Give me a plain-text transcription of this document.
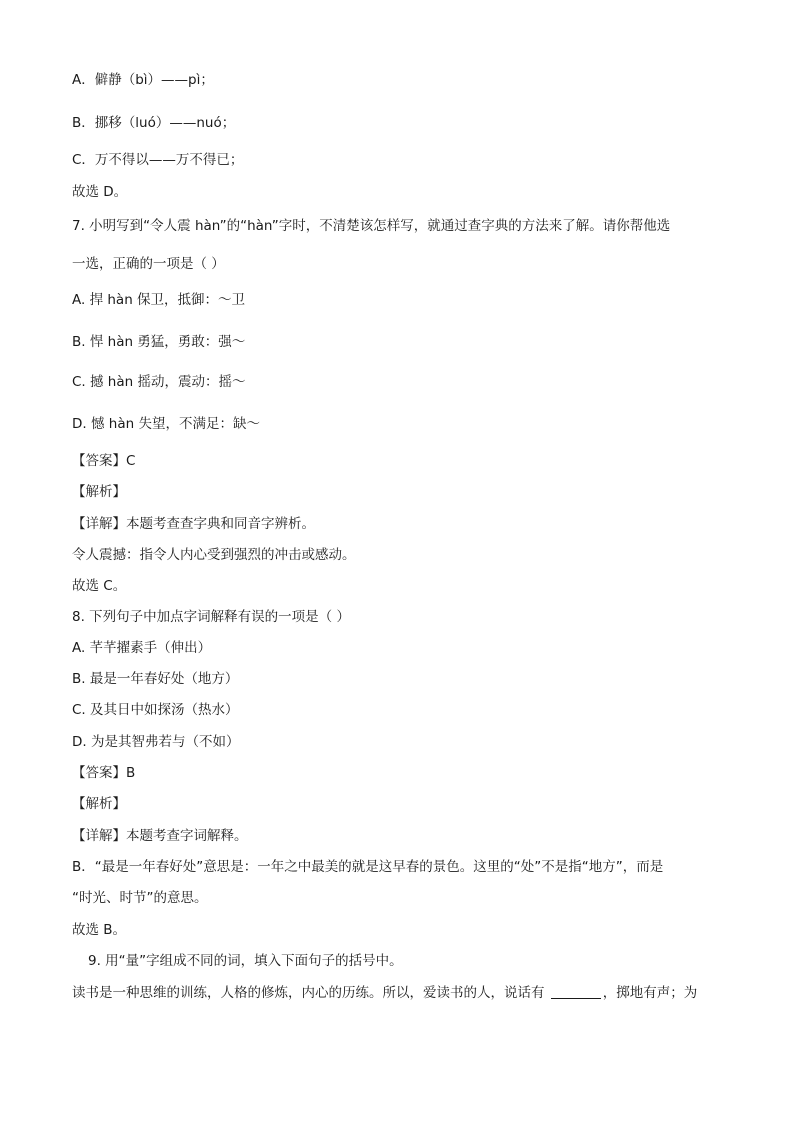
A．僻静（bì）——pì；
B．挪移（luó）——nuó；
C．万不得以——万不得已；
故选 D。
7. 小明写到“令人震 hàn”的“hàn”字时，不清楚该怎样写，就通过查字典的方法来了解。请你帮他选
一选，正确的一项是（ ）
A. 捍 hàn 保卫，抵御：～卫
B. 悍 hàn 勇猛，勇敢：强～
C. 撼 hàn 摇动，震动：摇～
D. 憾 hàn 失望，不满足：缺～
【答案】C
【解析】
【详解】本题考查查字典和同音字辨析。
令人震撼：指令人内心受到强烈的冲击或感动。
故选 C。
8. 下列句子中加点字词解释有误的一项是（ ）
A. 芊芊擢素手（伸出）
B. 最是一年春好处（地方）
C. 及其日中如探汤（热水）
D. 为是其智弗若与（不如）
【答案】B
【解析】
【详解】本题考查字词解释。
B．“最是一年春好处”意思是：一年之中最美的就是这早春的景色。这里的“处”不是指“地方”，而是
“时光、时节”的意思。
故选 B。
9. 用“量”字组成不同的词，填入下面句子的括号中。
读书是一种思维的训练，人格的修炼，内心的历练。所以，爱读书的人，说话有	，掷地有声；为
